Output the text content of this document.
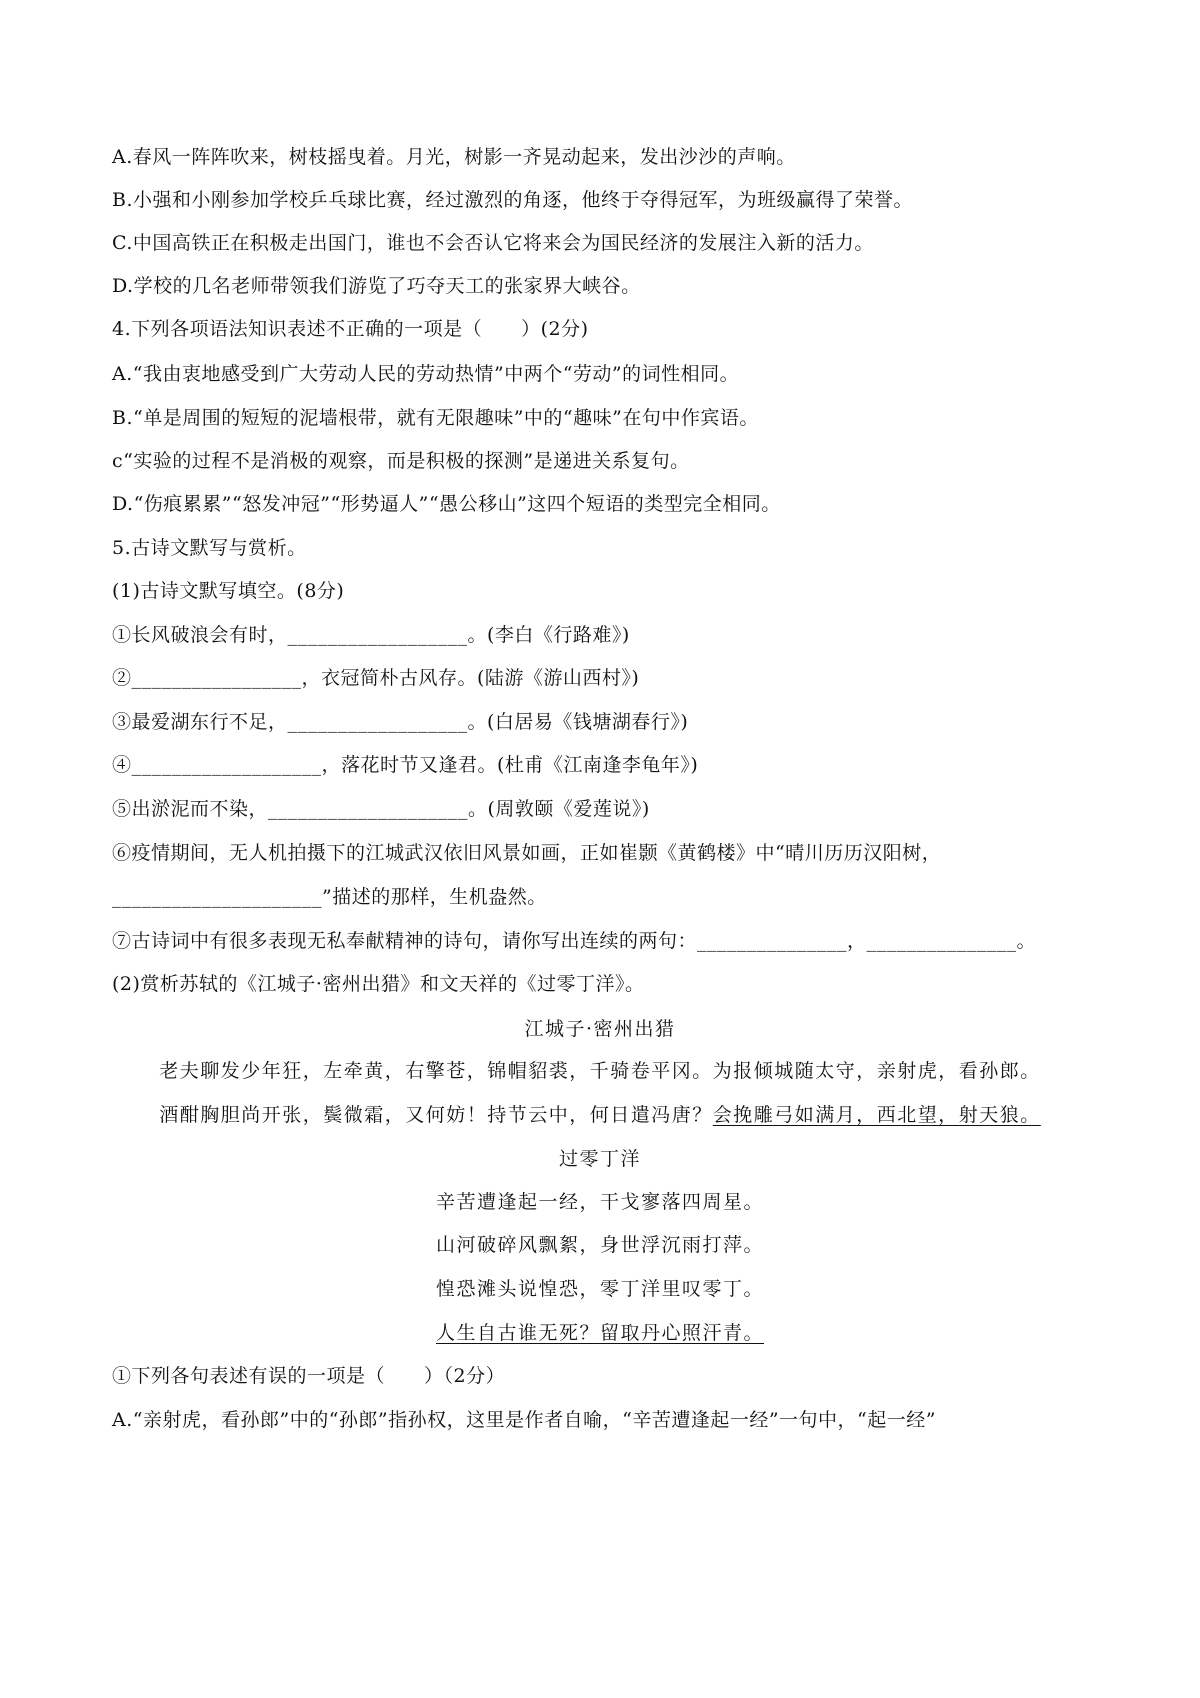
A.春风一阵阵吹来，树枝摇曳着。月光，树影一齐晃动起来，发出沙沙的声响。
B.小强和小刚参加学校乒乓球比赛，经过激烈的角逐，他终于夺得冠军，为班级赢得了荣誉。
C.中国高铁正在积极走出国门，谁也不会否认它将来会为国民经济的发展注入新的活力。
D.学校的几名老师带领我们游览了巧夺天工的张家界大峡谷。
4.下列各项语法知识表述不正确的一项是（　　）(2分)
A.“我由衷地感受到广大劳动人民的劳动热情”中两个“劳动”的词性相同。
B.“单是周围的短短的泥墙根带，就有无限趣味”中的“趣味”在句中作宾语。
c“实验的过程不是消极的观察，而是积极的探测”是递进关系复句。
D.“伤痕累累”“怒发冲冠”“形势逼人”“愚公移山”这四个短语的类型完全相同。
5.古诗文默写与赏析。
(1)古诗文默写填空。(8分)
①长风破浪会有时，__________________。(李白《行路难》)
②_________________，衣冠简朴古风存。(陆游《游山西村》)
③最爱湖东行不足，__________________。(白居易《钱塘湖春行》)
④___________________，落花时节又逢君。(杜甫《江南逢李龟年》)
⑤出淤泥而不染，____________________。(周敦颐《爱莲说》)
⑥疫情期间，无人机拍摄下的江城武汉依旧风景如画，正如崔颢《黄鹤楼》中“晴川历历汉阳树，
_____________________”描述的那样，生机盎然。
⑦古诗词中有很多表现无私奉献精神的诗句，请你写出连续的两句：_______________，_______________。
(2)赏析苏轼的《江城子·密州出猎》和文天祥的《过零丁洋》。
江城子·密州出猎
老夫聊发少年狂，左牵黄，右擎苍，锦帽貂裘，千骑卷平冈。为报倾城随太守，亲射虎，看孙郎。
酒酣胸胆尚开张，鬓微霜，又何妨！持节云中，何日遣冯唐？会挽雕弓如满月，西北望，射天狼。
过零丁洋
辛苦遭逢起一经，干戈寥落四周星。
山河破碎风飘絮，身世浮沉雨打萍。
惶恐滩头说惶恐，零丁洋里叹零丁。
人生自古谁无死？留取丹心照汗青。
①下列各句表述有误的一项是（　　）（2分）
A.“亲射虎，看孙郎”中的“孙郎”指孙权，这里是作者自喻，“辛苦遭逢起一经”一句中，“起一经”
